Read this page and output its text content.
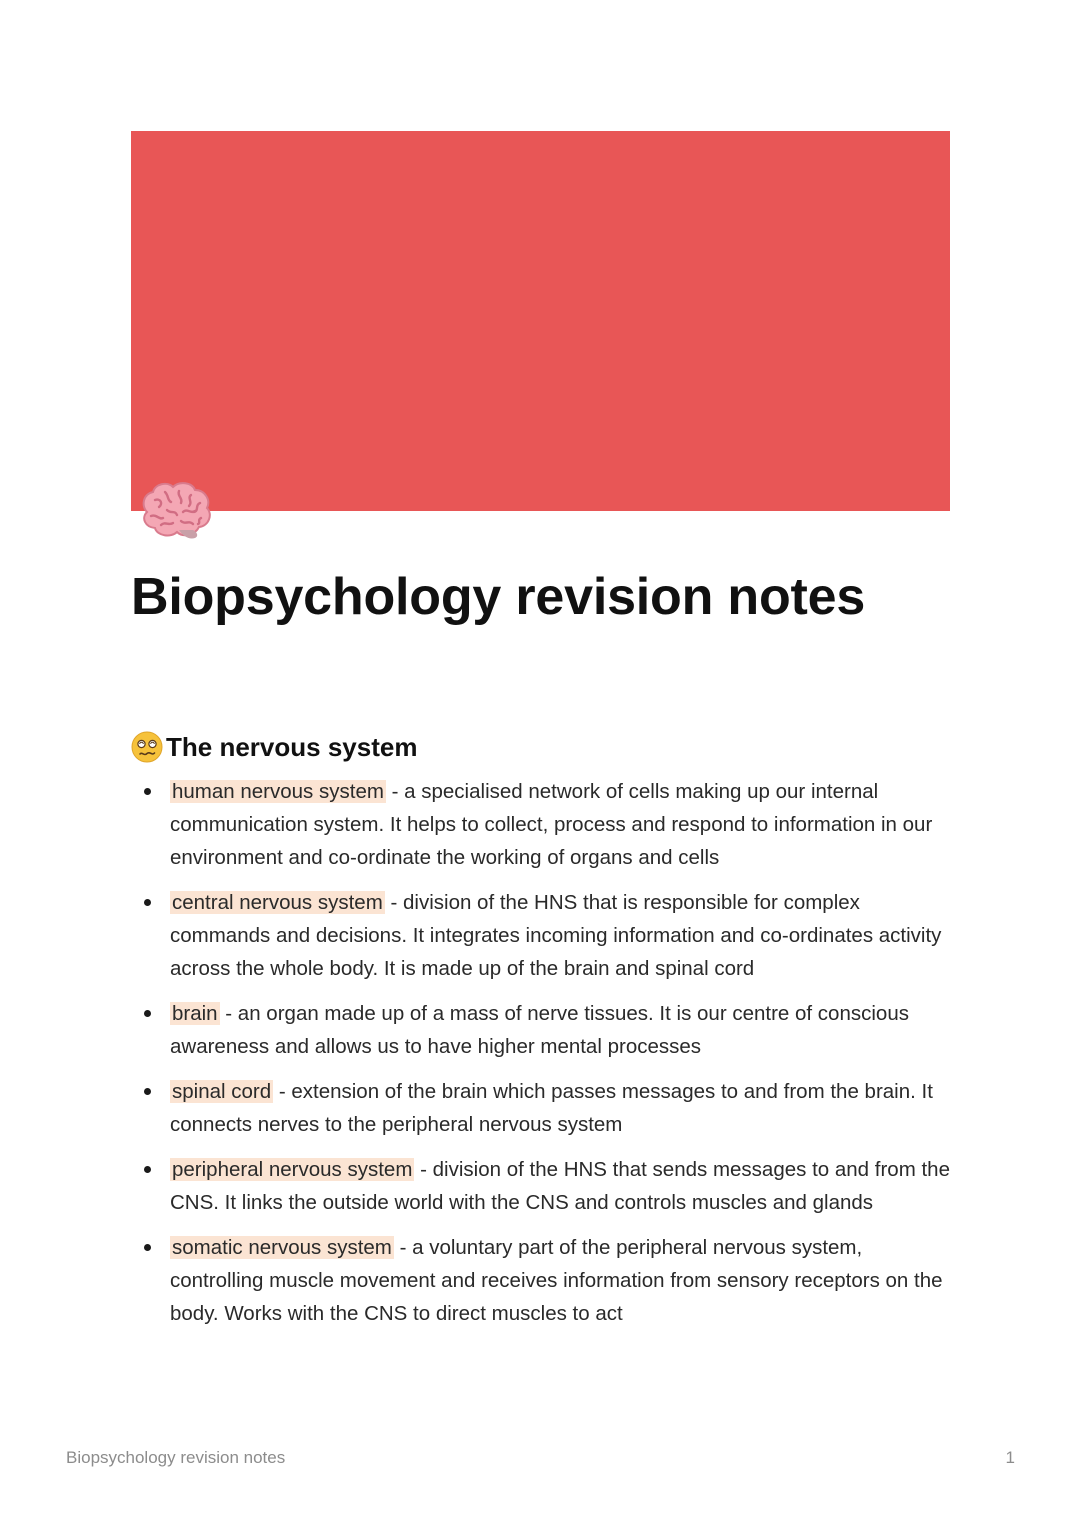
Biopsychology revision notes
The nervous system
human nervous system - a specialised network of cells making up our internal communication system. It helps to collect, process and respond to information in our environment and co-ordinate the working of organs and cells
central nervous system - division of the HNS that is responsible for complex commands and decisions. It integrates incoming information and co-ordinates activity across the whole body. It is made up of the brain and spinal cord
brain - an organ made up of a mass of nerve tissues. It is our centre of conscious awareness and allows us to have higher mental processes
spinal cord - extension of the brain which passes messages to and from the brain. It connects nerves to the peripheral nervous system
peripheral nervous system - division of the HNS that sends messages to and from the CNS. It links the outside world with the CNS and controls muscles and glands
somatic nervous system - a voluntary part of the peripheral nervous system, controlling muscle movement and receives information from sensory receptors on the body. Works with the CNS to direct muscles to act
Biopsychology revision notes	1
